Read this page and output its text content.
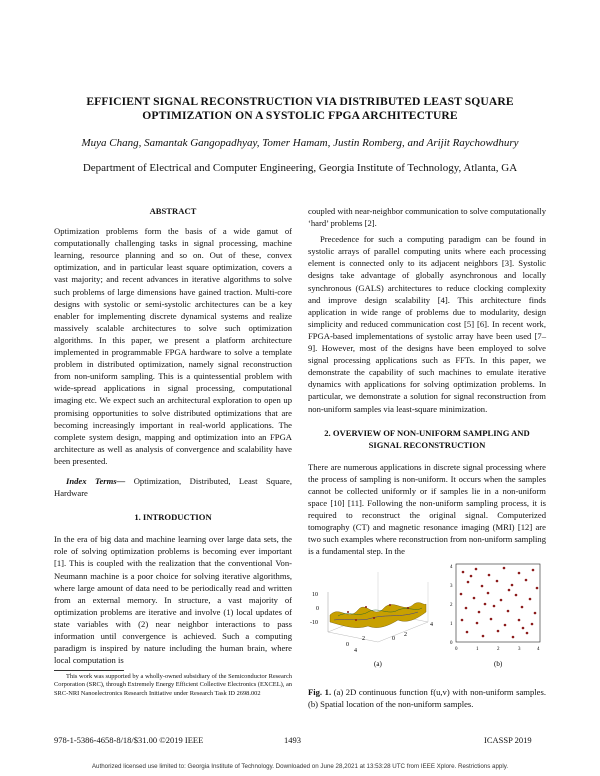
EFFICIENT SIGNAL RECONSTRUCTION VIA DISTRIBUTED LEAST SQUARE OPTIMIZATION ON A SYSTOLIC FPGA ARCHITECTURE
Muya Chang, Samantak Gangopadhyay, Tomer Hamam, Justin Romberg, and Arijit Raychowdhury
Department of Electrical and Computer Engineering, Georgia Institute of Technology, Atlanta, GA
ABSTRACT

Optimization problems form the basis of a wide gamut of computationally challenging tasks in signal processing, machine learning, resource planning and so on. Out of these, convex optimization, and in particular least square optimization, covers a vast majority; and recent advances in iterative algorithms to solve such problems of large dimensions have gained traction. Multi-core designs with systolic or semi-systolic architectures can be a key enabler for implementing discrete dynamical systems and realize massively scalable architectures to solve such optimization algorithms. In this paper, we present a platform architecture implemented in programmable FPGA hardware to solve a template problem in distributed optimization, namely signal reconstruction from non-uniform sampling. This is a quintessential problem with wide-spread applications in signal processing, computational imaging etc. We expect such an architectural exploration to open up promising opportunities to solve distributed optimizations that are becoming increasingly important in real-world applications. The complete system design, mapping and optimization into an FPGA architecture as well as analysis of convergence and scalability have been presented.

Index Terms— Optimization, Distributed, Least Square, Hardware

1. INTRODUCTION

In the era of big data and machine learning over large data sets, the role of solving optimization problems is becoming ever important [1]. This is coupled with the realization that the conventional Von-Neumann machine is a poor choice for solving iterative algorithms, where large amount of data need to be periodically read and written from an external memory. In structure, a vast majority of optimization problems are iterative and involve (1) local updates of state variables with (2) near neighbor interactions to pass information until convergence is achieved. Such a computing paradigm is inspired by nature including the human brain, where local computation is

This work was supported by a wholly-owned subsidiary of the Semiconductor Research Corporation (SRC), through Extremely Energy Efficient Collective Electronics (EXCEL), an SRC-NRI Nanoelectronics Research Initiative under Research Task ID 2698.002

coupled with near-neighbor communication to solve computationally ‘hard’ problems [2].

Precedence for such a computing paradigm can be found in systolic arrays of parallel computing units where each processing element is connected only to its adjacent neighbors [3]. Systolic designs take advantage of globally asynchronous and locally synchronous (GALS) architectures to reduce clocking complexity and improve design scalability [4]. This architecture finds application in wide range of problems due to modularity, design simplicity and reduced communication cost [5] [6]. In recent work, FPGA-based implementations of systolic array have been used [7–9]. However, most of the designs have been employed to solve signal processing applications such as FFTs. In this paper, we demonstrate the capability of such machines to emulate iterative dynamics with applications for solving optimization problems. In particular, we demonstrate a solution for signal reconstruction from non-uniform samples via least-square minimization.

2. OVERVIEW OF NON-UNIFORM SAMPLING AND SIGNAL RECONSTRUCTION

There are numerous applications in discrete signal processing where the process of sampling is non-uniform. It occurs when the samples cannot be collected uniformly or if samples lie in a non-uniform space [10] [11]. Following the non-uniform sampling process, it is required to reconstruct the original signal. Computerized tomography (CT) and magnetic resonance imaging (MRI) [12] are two such examples where reconstruction from non-uniform sampling is a fundamental step. In the

10
0
-10
0
2
4
0
2
4
4
3
2
1
0
0	1	2	3	4
(a)	(b)
Fig. 1. (a) 2D continuous function f(u,v) with non-uniform samples. (b) Spatial location of the non-uniform samples.
978-1-5386-4658-8/18/$31.00 ©2019 IEEE	1493	ICASSP 2019
Authorized licensed use limited to: Georgia Institute of Technology. Downloaded on June 28,2021 at 13:53:28 UTC from IEEE Xplore. Restrictions apply.
